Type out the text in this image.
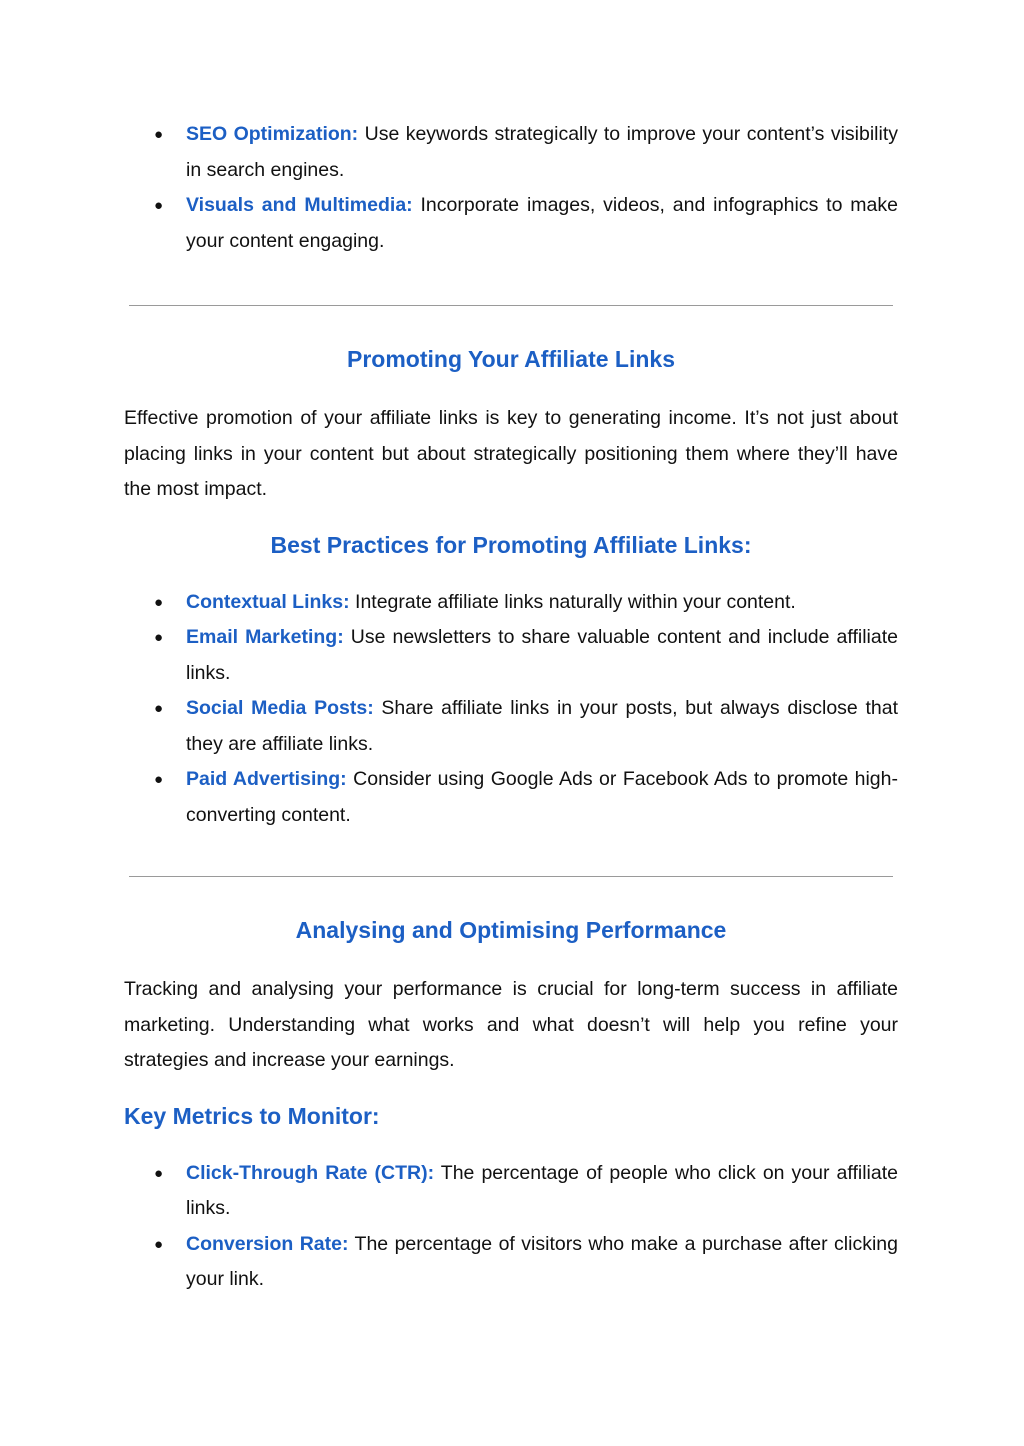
● SEO Optimization: Use keywords strategically to improve your content’s visibility in search engines.
● Visuals and Multimedia: Incorporate images, videos, and infographics to make your content engaging.
Promoting Your Affiliate Links

Effective promotion of your affiliate links is key to generating income. It’s not just about placing links in your content but about strategically positioning them where they’ll have the most impact.

Best Practices for Promoting Affiliate Links:
● Contextual Links: Integrate affiliate links naturally within your content.
● Email Marketing: Use newsletters to share valuable content and include affiliate links.
● Social Media Posts: Share affiliate links in your posts, but always disclose that they are affiliate links.
● Paid Advertising: Consider using Google Ads or Facebook Ads to promote high-converting content.
Analysing and Optimising Performance

Tracking and analysing your performance is crucial for long-term success in affiliate marketing. Understanding what works and what doesn’t will help you refine your strategies and increase your earnings.

Key Metrics to Monitor:
● Click-Through Rate (CTR): The percentage of people who click on your affiliate links.
● Conversion Rate: The percentage of visitors who make a purchase after clicking your link.
